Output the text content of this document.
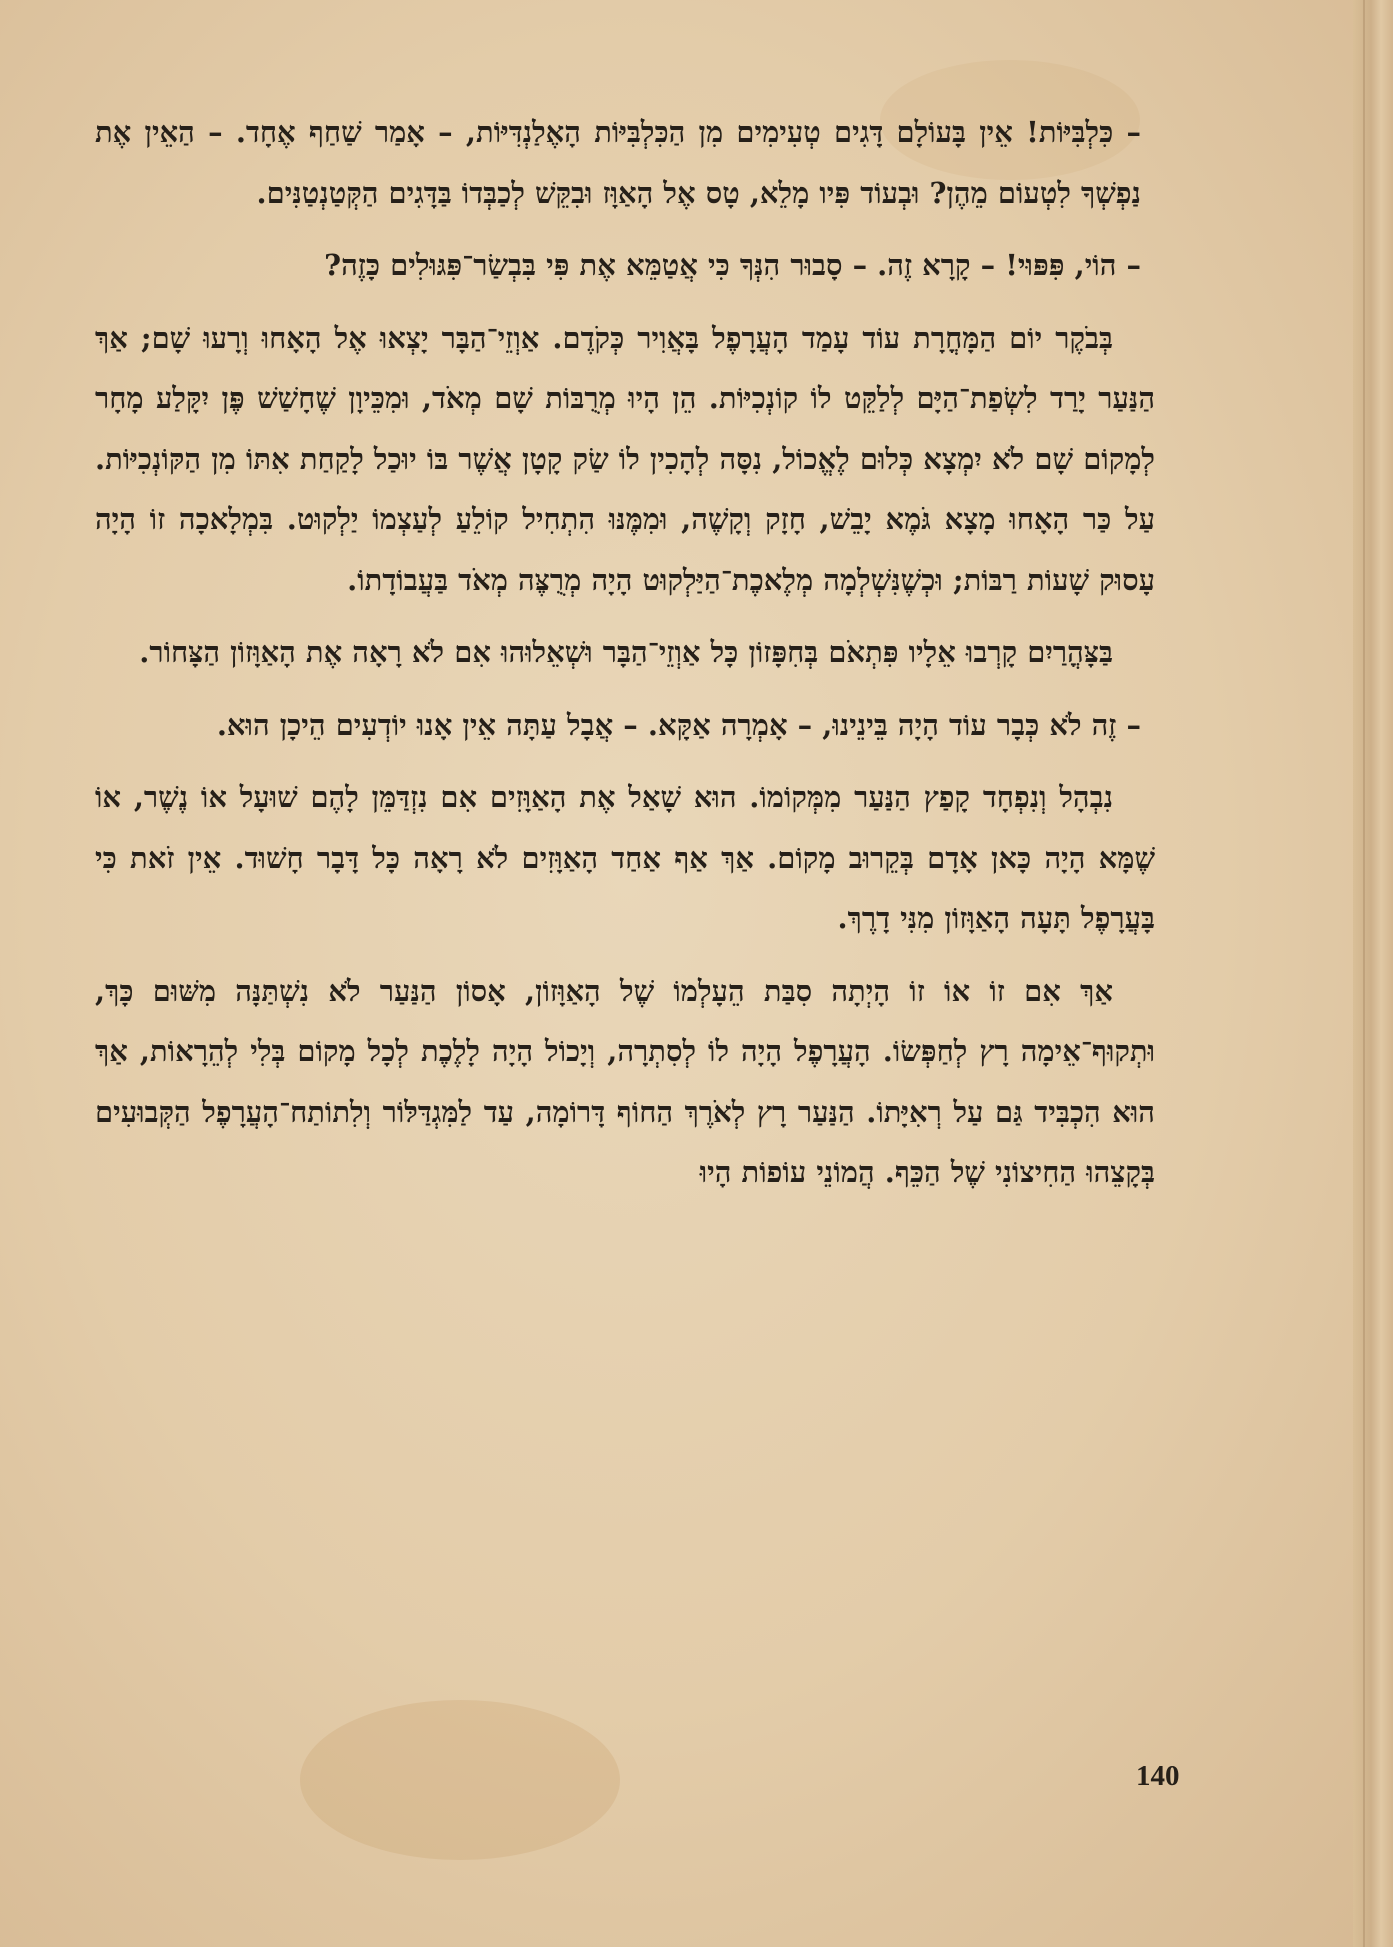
– כִּלְבִּיּוֹת! אֵין בָּעוֹלָם דָּגִים טְעִימִים מִן הַכִּלְבִּיּוֹת הָאֶלַנְדִּיּוֹת, – אָמַר שַׁחַף אֶחָד. – הַאֵין אֶת נַפְשְׁךָ לִטְעוֹם מֵהֶן? וּבְעוֹד פִּיו מָלֵא, טָס אֶל הָאַוָּז וּבִקֵּשׁ לְכַבְּדוֹ בַּדָּגִים הַקְּטַנְטַנִּים.

– הוֹי, פִּפּוּי! – קָרָא זֶה. – סָבוּר הִנְּךָ כִּי אֲטַמֵּא אֶת פִּי בִּבְשַׂר־פִּגּוּלִים כָּזֶה?

בְּבֹקֶר יוֹם הַמָּחֳרָת עוֹד עָמַד הָעֲרָפֶל בָּאֲוִיר כְּקֹדֶם. אַוְזֵי־הַבָּר יָצְאוּ אֶל הָאָחוּ וְרָעוּ שָׁם; אַךְ הַנַּעַר יָרַד לִשְׂפַת־הַיָּם לְלַקֵּט לוֹ קוֹנְכִיּוֹת. הֵן הָיוּ מְרֻבּוֹת שָׁם מְאֹד, וּמִכֵּיוָן שֶׁחָשַׁשׁ פֶּן יִקָּלַע מָחָר לְמָקוֹם שָׁם לֹא יִמְצָא כְּלוּם לֶאֱכוֹל, נִסָּה לְהָכִין לוֹ שַׂק קָטָן אֲשֶׁר בּוֹ יוּכַל לָקַחַת אִתּוֹ מִן הַקּוֹנְכִיּוֹת. עַל כַּר הָאָחוּ מָצָא גֹּמֶא יָבֵשׁ, חָזָק וְקָשֶׁה, וּמִמֶּנּוּ הִתְחִיל קוֹלֵעַ לְעַצְמוֹ יַלְקוּט. בִּמְלָאכָה זוֹ הָיָה עָסוּק שָׁעוֹת רַבּוֹת; וּכְשֶׁנִּשְׁלְמָה מְלֶאכֶת־הַיַּלְקוּט הָיָה מְרֻצֶּה מְאֹד בַּעֲבוֹדָתוֹ.

בַּצָּהֳרַיִם קָרְבוּ אֵלָיו פִּתְאֹם בְּחִפָּזוֹן כָּל אַוְזֵי־הַבָּר וּשְׁאֵלוּהוּ אִם לֹא רָאָה אֶת הָאַוָּזוֹן הַצָּחוֹר.

– זֶה לֹא כְּבָר עוֹד הָיָה בֵּינֵינוּ, – אָמְרָה אַקָּא. – אֲבָל עַתָּה אֵין אָנוּ יוֹדְעִים הֵיכָן הוּא.

נִבְהָל וְנִפְחָד קָפַץ הַנַּעַר מִמְּקוֹמוֹ. הוּא שָׁאַל אֶת הָאַוָּזִים אִם נִזְדַּמֵּן לָהֶם שׁוּעָל אוֹ נֶשֶׁר, אוֹ שֶׁמָּא הָיָה כָּאן אָדָם בְּקֵרוּב מָקוֹם. אַךְ אַף אַחַד הָאַוָּזִים לֹא רָאָה כָּל דָּבָר חָשׁוּד. אֵין זֹאת כִּי בָּעֲרָפֶל תָּעָה הָאַוָּזוֹן מִנִּי דָרֶךְ.

אַךְ אִם זוֹ אוֹ זוֹ הָיְתָה סִבַּת הֵעָלְמוֹ שֶׁל הָאַוָּזוֹן, אָסוֹן הַנַּעַר לֹא נִשְׁתַּנָּה מִשּׁוּם כָּךְ, וּתְקוּף־אֵימָה רָץ לְחַפְּשׂוֹ. הָעֲרָפֶל הָיָה לוֹ לְסִתְרָה, וְיָכוֹל הָיָה לָלֶכֶת לְכָל מָקוֹם בְּלִי לְהֵרָאוֹת, אַךְ הוּא הִכְבִּיד גַּם עַל רְאִיָּתוֹ. הַנַּעַר רָץ לְאֹרֶךְ הַחוֹף דָּרוֹמָה, עַד לַמִּגְדַּלּוֹר וְלִתוֹתַח־הָעֲרָפֶל הַקְּבוּעִים בְּקָצֵהוּ הַחִיצוֹנִי שֶׁל הַכֵּף. הֲמוֹנֵי עוֹפוֹת הָיוּ

140
